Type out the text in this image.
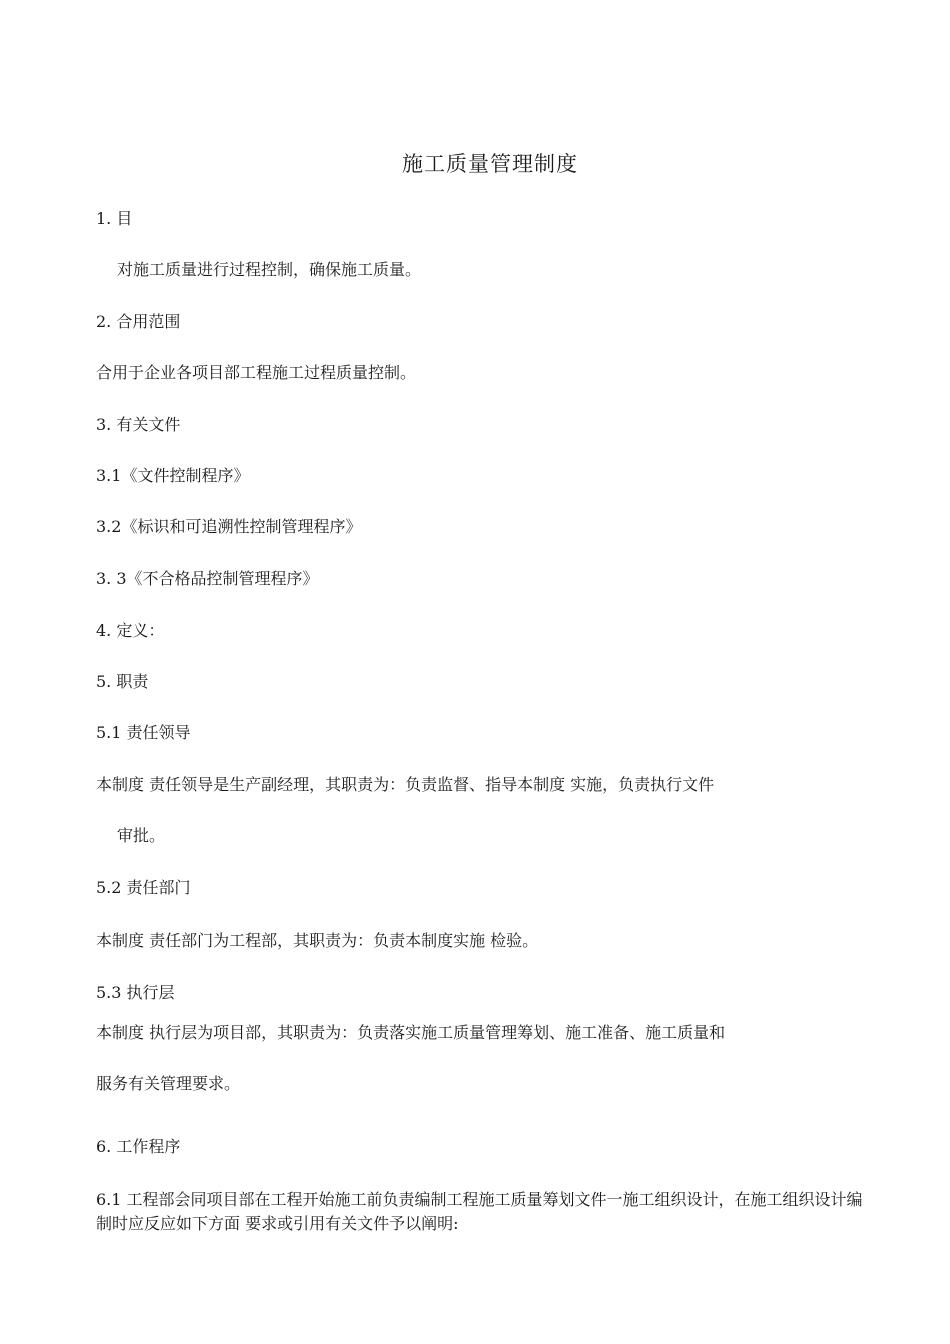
施工质量管理制度
1. 目
对施工质量进行过程控制，确保施工质量。
2. 合用范围
合用于企业各项目部工程施工过程质量控制。
3. 有关文件
3.1《文件控制程序》
3.2《标识和可追溯性控制管理程序》
3. 3《不合格品控制管理程序》
4. 定义：
5. 职责
5.1 责任领导
本制度 责任领导是生产副经理，其职责为：负责监督、指导本制度 实施，负责执行文件
审批。
5.2 责任部门
本制度 责任部门为工程部，其职责为：负责本制度实施 检验。
5.3 执行层
本制度 执行层为项目部，其职责为：负责落实施工质量管理筹划、施工准备、施工质量和
服务有关管理要求。
6. 工作程序
6.1 工程部会同项目部在工程开始施工前负责编制工程施工质量筹划文件一施工组织设计，在施工组织设计编制时应反应如下方面 要求或引用有关文件予以阐明:
